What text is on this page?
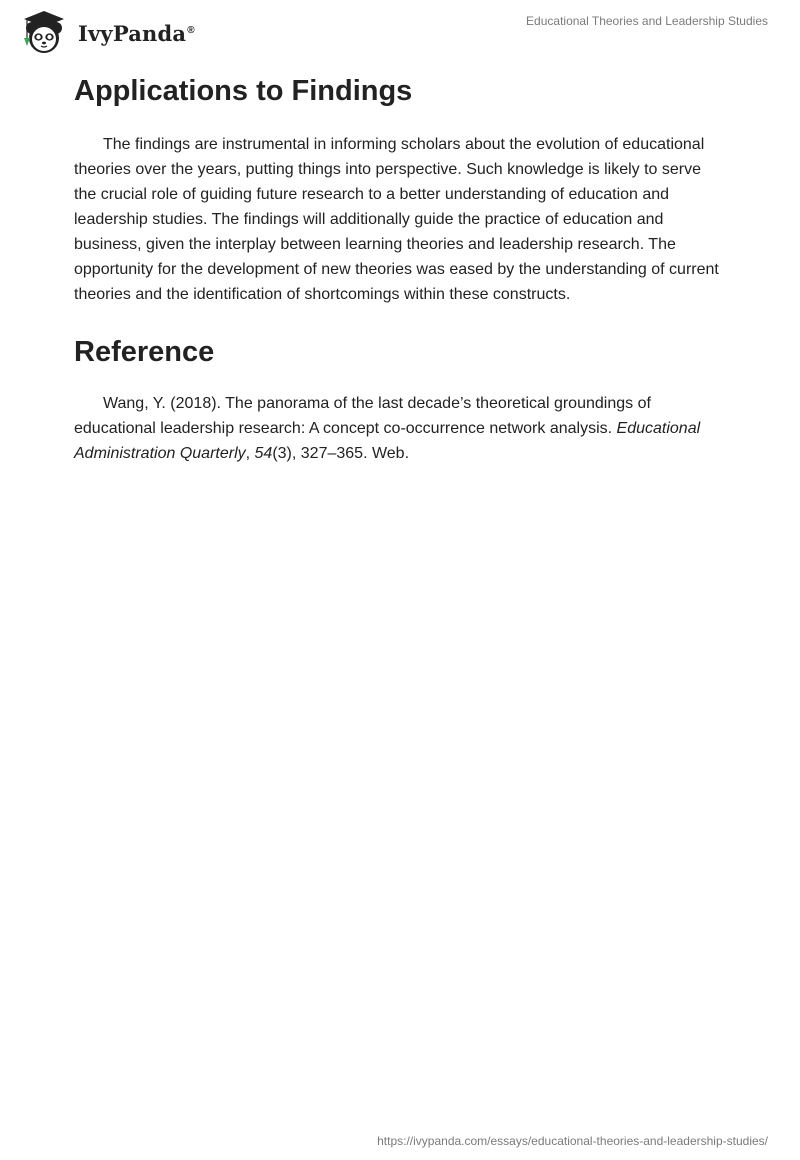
IvyPanda®
Educational Theories and Leadership Studies
Applications to Findings

The findings are instrumental in informing scholars about the evolution of educational theories over the years, putting things into perspective. Such knowledge is likely to serve the crucial role of guiding future research to a better understanding of education and leadership studies. The findings will additionally guide the practice of education and business, given the interplay between learning theories and leadership research. The opportunity for the development of new theories was eased by the understanding of current theories and the identification of shortcomings within these constructs.

Reference

Wang, Y. (2018). The panorama of the last decade’s theoretical groundings of educational leadership research: A concept co-occurrence network analysis. Educational Administration Quarterly, 54(3), 327–365. Web.

https://ivypanda.com/essays/educational-theories-and-leadership-studies/
